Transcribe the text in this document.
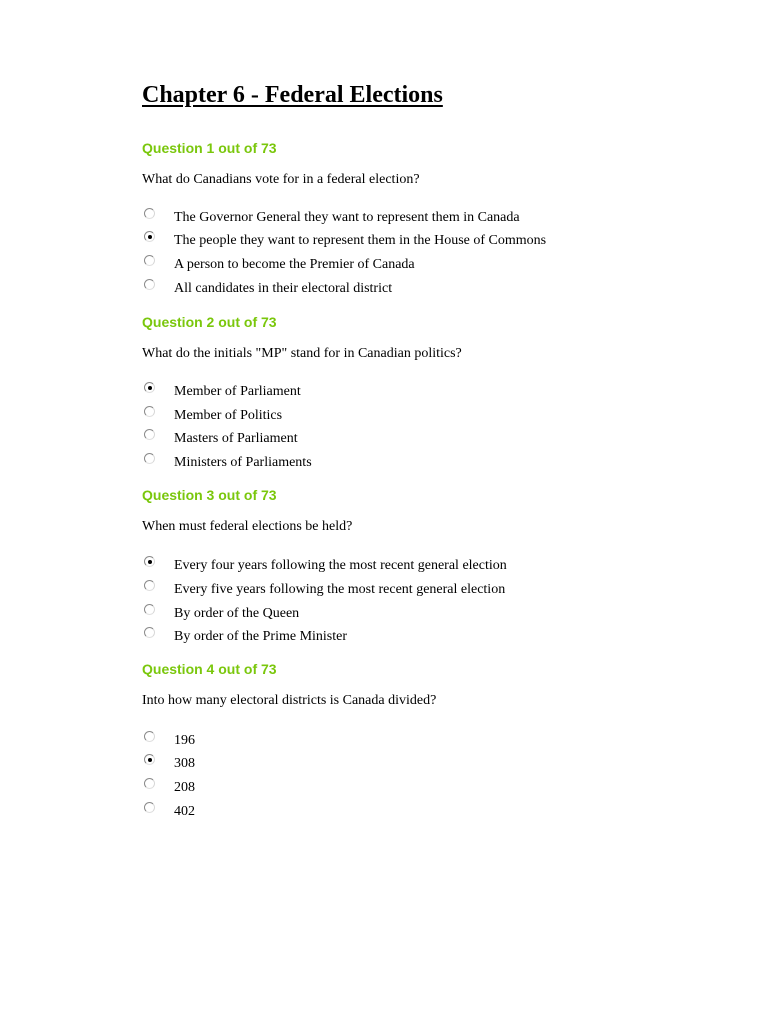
Chapter 6 - Federal Elections
Question 1 out of 73
What do Canadians vote for in a federal election?
The Governor General they want to represent them in Canada
The people they want to represent them in the House of Commons
A person to become the Premier of Canada
All candidates in their electoral district
Question 2 out of 73
What do the initials "MP" stand for in Canadian politics?
Member of Parliament
Member of Politics
Masters of Parliament
Ministers of Parliaments
Question 3 out of 73
When must federal elections be held?
Every four years following the most recent general election
Every five years following the most recent general election
By order of the Queen
By order of the Prime Minister
Question 4 out of 73
Into how many electoral districts is Canada divided?
196
308
208
402
